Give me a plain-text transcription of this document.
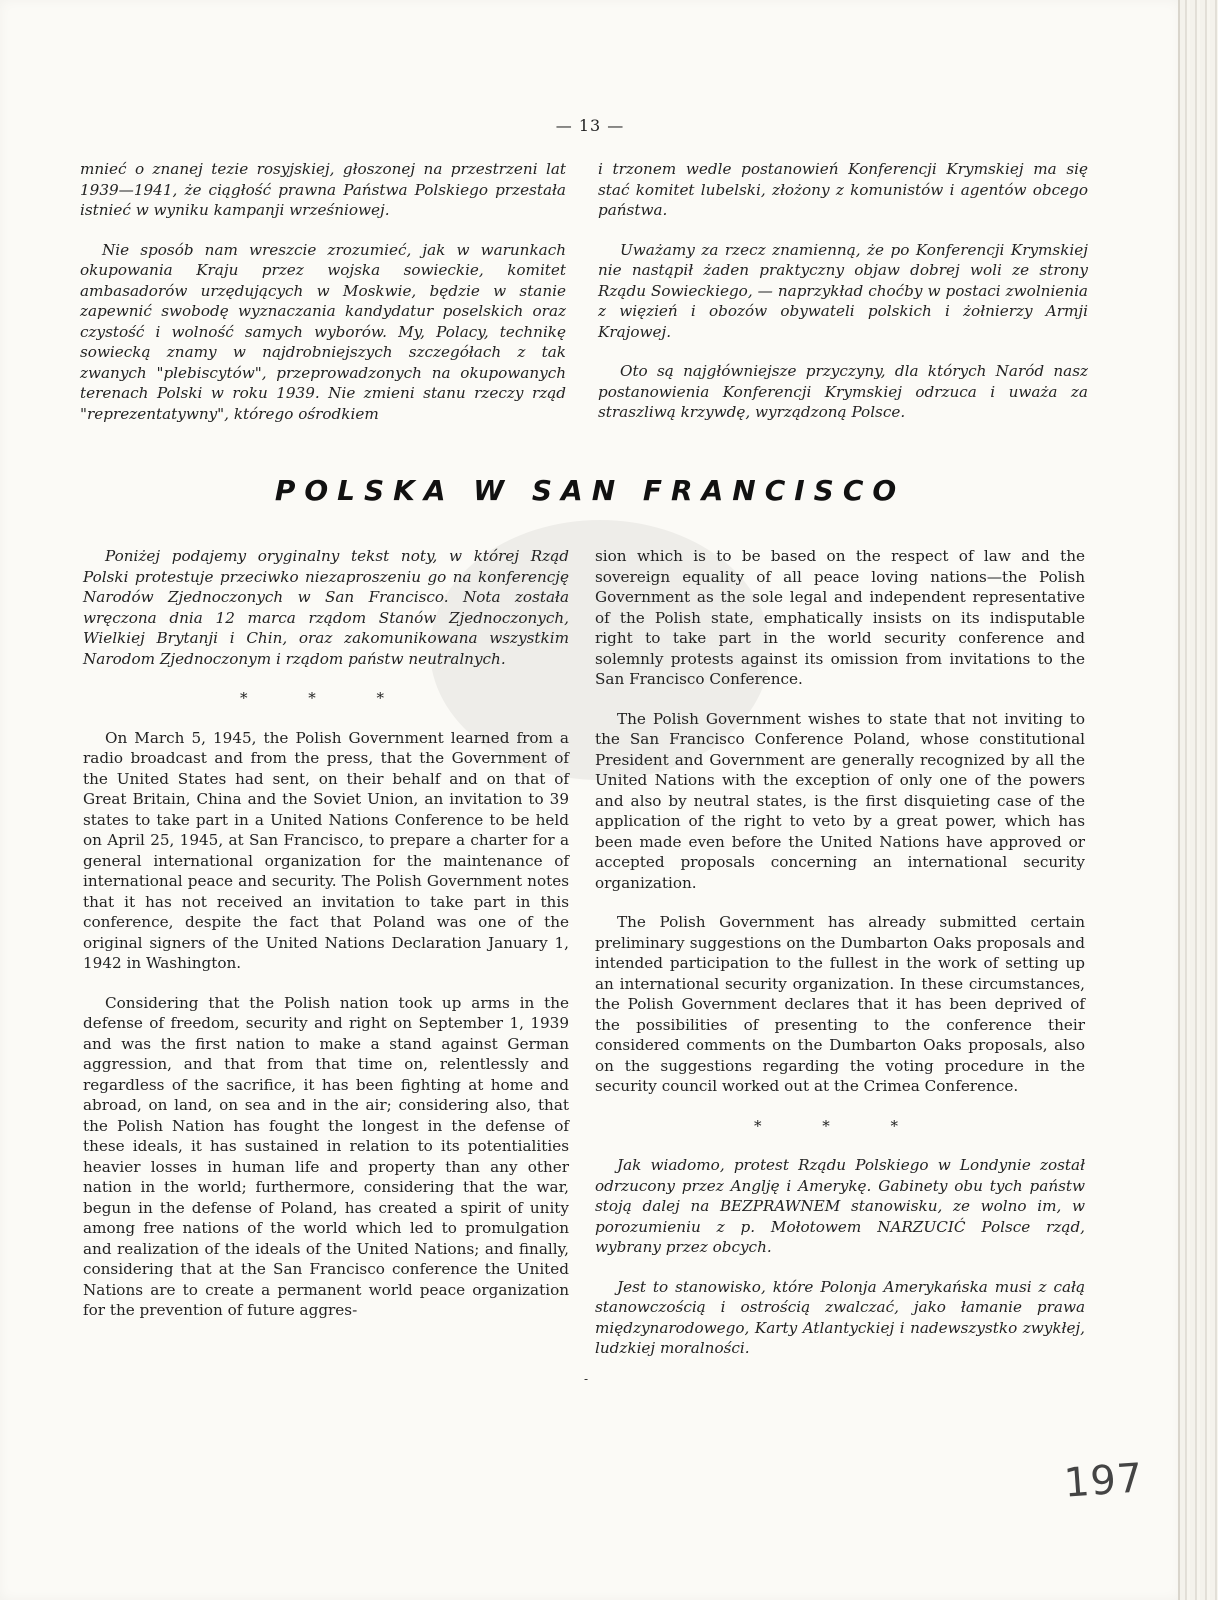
— 13 —

mnieć o znanej tezie rosyjskiej, głoszonej na przestrzeni lat 1939—1941, że ciągłość prawna Państwa Polskiego przestała istnieć w wyniku kampanji wrześniowej.

Nie sposób nam wreszcie zrozumieć, jak w warunkach okupowania Kraju przez wojska sowieckie, komitet ambasadorów urzędujących w Moskwie, będzie w stanie zapewnić swobodę wyznaczania kandydatur poselskich oraz czystość i wolność samych wyborów. My, Polacy, technikę sowiecką znamy w najdrobniejszych szczegółach z tak zwanych "plebiscytów", przeprowadzonych na okupowanych terenach Polski w roku 1939. Nie zmieni stanu rzeczy rząd "reprezentatywny", którego ośrodkiem

i trzonem wedle postanowień Konferencji Krymskiej ma się stać komitet lubelski, złożony z komunistów i agentów obcego państwa.

Uważamy za rzecz znamienną, że po Konferencji Krymskiej nie nastąpił żaden praktyczny objaw dobrej woli ze strony Rządu Sowieckiego, — naprzykład choćby w postaci zwolnienia z więzień i obozów obywateli polskich i żołnierzy Armji Krajowej.

Oto są najgłówniejsze przyczyny, dla których Naród nasz postanowienia Konferencji Krymskiej odrzuca i uważa za straszliwą krzywdę, wyrządzoną Polsce.

POLSKA W SAN FRANCISCO

Poniżej podajemy oryginalny tekst noty, w której Rząd Polski protestuje przeciwko niezaproszeniu go na konferencję Narodów Zjednoczonych w San Francisco. Nota została wręczona dnia 12 marca rządom Stanów Zjednoczonych, Wielkiej Brytanji i Chin, oraz zakomunikowana wszystkim Narodom Zjednoczonym i rządom państw neutralnych.

* * *

On March 5, 1945, the Polish Government learned from a radio broadcast and from the press, that the Government of the United States had sent, on their behalf and on that of Great Britain, China and the Soviet Union, an invitation to 39 states to take part in a United Nations Conference to be held on April 25, 1945, at San Francisco, to prepare a charter for a general international organization for the maintenance of international peace and security. The Polish Government notes that it has not received an invitation to take part in this conference, despite the fact that Poland was one of the original signers of the United Nations Declaration January 1, 1942 in Washington.

Considering that the Polish nation took up arms in the defense of freedom, security and right on September 1, 1939 and was the first nation to make a stand against German aggression, and that from that time on, relentlessly and regardless of the sacrifice, it has been fighting at home and abroad, on land, on sea and in the air; considering also, that the Polish Nation has fought the longest in the defense of these ideals, it has sustained in relation to its potentialities heavier losses in human life and property than any other nation in the world; furthermore, considering that the war, begun in the defense of Poland, has created a spirit of unity among free nations of the world which led to promulgation and realization of the ideals of the United Nations; and finally, considering that at the San Francisco conference the United Nations are to create a permanent world peace organization for the prevention of future aggres-

sion which is to be based on the respect of law and the sovereign equality of all peace loving nations—the Polish Government as the sole legal and independent representative of the Polish state, emphatically insists on its indisputable right to take part in the world security conference and solemnly protests against its omission from invitations to the San Francisco Conference.

The Polish Government wishes to state that not inviting to the San Francisco Conference Poland, whose constitutional President and Government are generally recognized by all the United Nations with the exception of only one of the powers and also by neutral states, is the first disquieting case of the application of the right to veto by a great power, which has been made even before the United Nations have approved or accepted proposals concerning an international security organization.

The Polish Government has already submitted certain preliminary suggestions on the Dumbarton Oaks proposals and intended participation to the fullest in the work of setting up an international security organization. In these circumstances, the Polish Government declares that it has been deprived of the possibilities of presenting to the conference their considered comments on the Dumbarton Oaks proposals, also on the suggestions regarding the voting procedure in the security council worked out at the Crimea Conference.

* * *

Jak wiadomo, protest Rządu Polskiego w Londynie został odrzucony przez Anglję i Amerykę. Gabinety obu tych państw stoją dalej na BEZPRAWNEM stanowisku, ze wolno im, w porozumieniu z p. Mołotowem NARZUCIĆ Polsce rząd, wybrany przez obcych.

Jest to stanowisko, które Polonja Amerykańska musi z całą stanowczością i ostrością zwalczać, jako łamanie prawa międzynarodowego, Karty Atlantyckiej i nadewszystko zwykłej, ludzkiej moralności.

-
197
